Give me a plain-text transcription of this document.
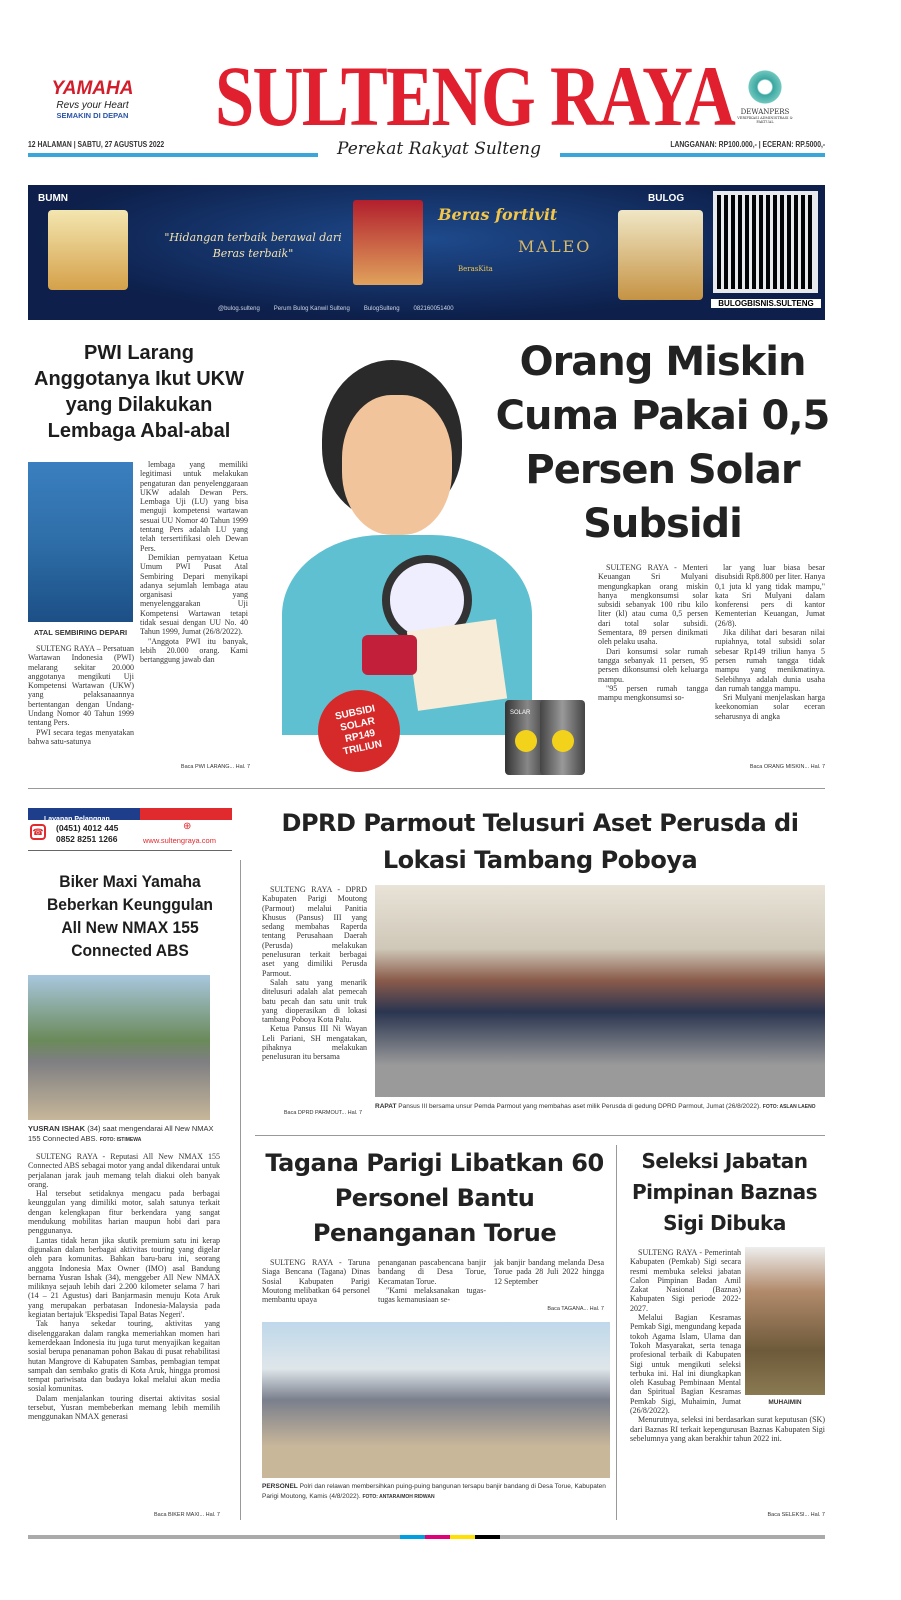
YAMAHA
Revs your Heart
SEMAKIN DI DEPAN SULTENG RAYA DEWANPERS
VERIFIKASI ADMINISTRASI & FAKTUAL
12 HALAMAN | SABTU, 27 AGUSTUS 2022	LANGGANAN: RP100.000,- | ECERAN: RP.5000,-
Perekat Rakyat Sulteng
BUMN
"Hidangan terbaik berawal dari Beras terbaik"
Beras fortivit
BerasKita
MALEO
BULOG
@bulog.sulteng Perum Bulog Kanwil Sulteng BulogSulteng 082160051400
BULOGBISNIS.SULTENG
PWI Larang Anggotanya Ikut UKW yang Dilakukan Lembaga Abal-abal
ATAL SEMBIRING DEPARI

SULTENG RAYA – Persatuan Wartawan Indonesia (PWI) melarang sekitar 20.000 anggotanya mengikuti Uji Kompetensi Wartawan (UKW) yang pelaksanaannya bertentangan dengan Undang-Undang Nomor 40 Tahun 1999 tentang Pers.

PWI secara tegas menyatakan bahwa satu-satunya

lembaga yang memiliki legitimasi untuk melakukan pengaturan dan penyelenggaraan UKW adalah Dewan Pers. Lembaga Uji (LU) yang bisa menguji kompetensi wartawan sesuai UU Nomor 40 Tahun 1999 tentang Pers adalah LU yang telah tersertifikasi oleh Dewan Pers.

Demikian pernyataan Ketua Umum PWI Pusat Atal Sembiring Depari menyikapi adanya sejumlah lembaga atau organisasi yang menyelenggarakan Uji Kompetensi Wartawan tetapi tidak sesuai dengan UU No. 40 Tahun 1999, Jumat (26/8/2022).

"Anggota PWI itu banyak, lebih 20.000 orang. Kami bertanggung jawab dan

Baca PWI LARANG... Hal. 7
SUBSIDI SOLAR RP149 TRILIUN
SOLAR
Orang Miskin Cuma Pakai 0,5 Persen Solar Subsidi

SULTENG RAYA - Menteri Keuangan Sri Mulyani mengungkapkan orang miskin hanya mengkonsumsi solar subsidi sebanyak 100 ribu kilo liter (kl) atau cuma 0,5 persen dari total solar subsidi. Sementara, 89 persen dinikmati oleh pelaku usaha.

Dari konsumsi solar rumah tangga sebanyak 11 persen, 95 persen dikonsumsi oleh keluarga mampu.

"95 persen rumah tangga mampu mengkonsumsi so-

lar yang luar biasa besar disubsidi Rp8.800 per liter. Hanya 0,1 juta kl yang tidak mampu," kata Sri Mulyani dalam konferensi pers di kantor Kementerian Keuangan, Jumat (26/8).

Jika dilihat dari besaran nilai rupiahnya, total subsidi solar sebesar Rp149 triliun hanya 5 persen rumah tangga tidak mampu yang menikmatinya. Selebihnya adalah dunia usaha dan rumah tangga mampu.

Sri Mulyani menjelaskan harga keekonomian solar eceran seharusnya di angka

Baca ORANG MISKIN... Hal. 7
Layanan Pelanggan
☎ (0451) 4012 445
0852 8251 1266
⊕
www.sultengraya.com
Biker Maxi Yamaha Beberkan Keunggulan All New NMAX 155 Connected ABS
YUSRAN ISHAK (34) saat mengendarai All New NMAX 155 Connected ABS. FOTO: ISTIMEWA

SULTENG RAYA - Reputasi All New NMAX 155 Connected ABS sebagai motor yang andal dikendarai untuk perjalanan jarak jauh memang telah diakui oleh banyak orang.

Hal tersebut setidaknya mengacu pada berbagai keunggulan yang dimiliki motor, salah satunya terkait dengan kelengkapan fitur berkendara yang sangat mendukung mobilitas harian maupun hobi dari para penggunanya.

Lantas tidak heran jika skutik premium satu ini kerap digunakan dalam berbagai aktivitas touring yang digelar oleh para komunitas. Bahkan baru-baru ini, seorang anggota Indonesia Max Owner (IMO) asal Bandung bernama Yusran Ishak (34), menggeber All New NMAX miliknya sejauh lebih dari 2.200 kilometer selama 7 hari (14 – 21 Agustus) dari Banjarmasin menuju Kota Aruk yang merupakan perbatasan Indonesia-Malaysia pada kegiatan bertajuk 'Ekspedisi Tapal Batas Negeri'.

Tak hanya sekedar touring, aktivitas yang diselenggarakan dalam rangka memeriahkan momen hari kemerdekaan Indonesia itu juga turut menyajikan kegaitan sosial berupa penanaman pohon Bakau di pusat rehabilitasi hutan Mangrove di Kabupaten Sambas, pembagian tempat sampah dan sembako gratis di Kota Aruk, hingga promosi tempat pariwisata dan budaya lokal melalui akun media sosial komunitas.

Dalam menjalankan touring disertai aktivitas sosial tersebut, Yusran membeberkan memang lebih memilih menggunakan NMAX generasi

Baca BIKER MAXI... Hal. 7
DPRD Parmout Telusuri Aset Perusda di Lokasi Tambang Poboya

SULTENG RAYA - DPRD Kabupaten Parigi Moutong (Parmout) melalui Panitia Khusus (Pansus) III yang sedang membahas Raperda tentang Perusahaan Daerah (Perusda) melakukan penelusuran terkait berbagai aset yang dimiliki Perusda Parmout.

Salah satu yang menarik ditelusuri adalah alat pemecah batu pecah dan satu unit truk yang dioperasikan di lokasi tambang Poboya Kota Palu.

Ketua Pansus III Ni Wayan Leli Pariani, SH mengatakan, pihaknya melakukan penelusuran itu bersama

Baca DPRD PARMOUT... Hal. 7
RAPAT Pansus III bersama unsur Pemda Parmout yang membahas aset milik Perusda di gedung DPRD Parmout, Jumat (26/8/2022). FOTO: ASLAN LAENO
Tagana Parigi Libatkan 60 Personel Bantu Penanganan Torue

SULTENG RAYA - Taruna Siaga Bencana (Tagana) Dinas Sosial Kabupaten Parigi Moutong melibatkan 64 personel membantu upaya

penanganan pascabencana banjir bandang di Desa Torue, Kecamatan Torue.

"Kami melaksanakan tugas-tugas kemanusiaan se-

jak banjir bandang melanda Desa Torue pada 28 Juli 2022 hingga 12 September

Baca TAGANA... Hal. 7
PERSONEL Polri dan relawan membersihkan puing-puing bangunan tersapu banjir bandang di Desa Torue, Kabupaten Parigi Moutong, Kamis (4/8/2022). FOTO: ANTARA/MOH RIDWAN
Seleksi Jabatan Pimpinan Baznas Sigi Dibuka
MUHAIMIN

SULTENG RAYA - Pemerintah Kabupaten (Pemkab) Sigi secara resmi membuka seleksi jabatan Calon Pimpinan Badan Amil Zakat Nasional (Baznas) Kabupaten Sigi periode 2022-2027.

Melalui Bagian Kesramas Pemkab Sigi, mengundang kepada tokoh Agama Islam, Ulama dan Tokoh Masyarakat, serta tenaga profesional terbaik di Kabupaten Sigi untuk mengikuti seleksi terbuka ini. Hal ini diungkapkan oleh Kasubag Pembinaan Mental dan Spiritual Bagian Kesramas Pemkab Sigi, Muhaimin, Jumat (26/8/2022).

Menurutnya, seleksi ini berdasarkan surat keputusan (SK) dari Baznas RI terkait kepengurusan Baznas Kabupaten Sigi sebelumnya yang akan berakhir tahun 2022 ini.

Baca SELEKSI... Hal. 7
